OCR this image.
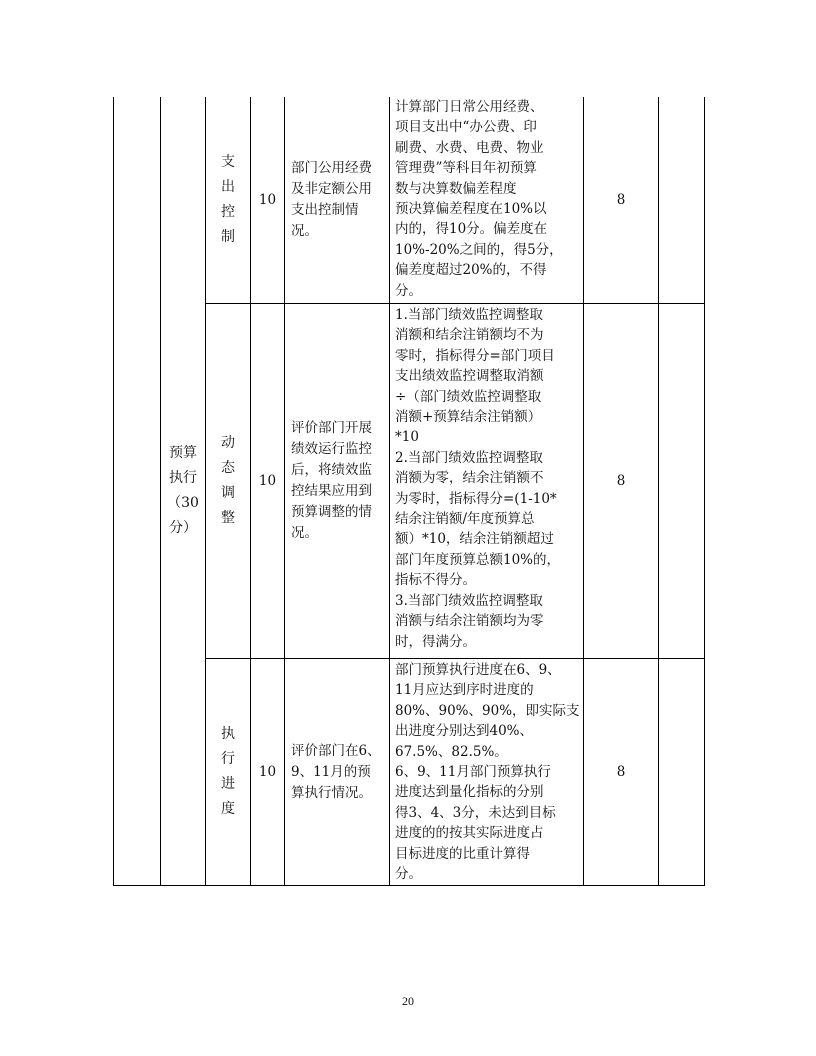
预算
执行
（30
分）
支
出
控
制
10
部门公用经费及非定额公用支出控制情况。
计算部门日常公用经费、
项目支出中“办公费、印
刷费、水费、电费、物业
管理费”等科目年初预算
数与决算数偏差程度
预决算偏差程度在10%以
内的，得10分。偏差度在
10%-20%之间的，得5分，
偏差度超过20%的，不得
分。
8
动
态
调
整
10
评价部门开展绩效运行监控后，将绩效监控结果应用到预算调整的情况。
1.当部门绩效监控调整取
消额和结余注销额均不为
零时，指标得分=部门项目
支出绩效监控调整取消额
÷（部门绩效监控调整取
消额+预算结余注销额）
*10
2.当部门绩效监控调整取
消额为零，结余注销额不
为零时，指标得分=(1-10*
结余注销额/年度预算总
额）*10，结余注销额超过
部门年度预算总额10%的，
指标不得分。
3.当部门绩效监控调整取
消额与结余注销额均为零
时，得满分。
8
执
行
进
度
10
评价部门在6、9、11月的预算执行情况。
部门预算执行进度在6、9、
11月应达到序时进度的
80%、90%、90%，即实际支
出进度分别达到40%、
67.5%、82.5%。
6、9、11月部门预算执行
进度达到量化指标的分别
得3、4、3分，未达到目标
进度的的按其实际进度占
目标进度的比重计算得
分。
8
20
